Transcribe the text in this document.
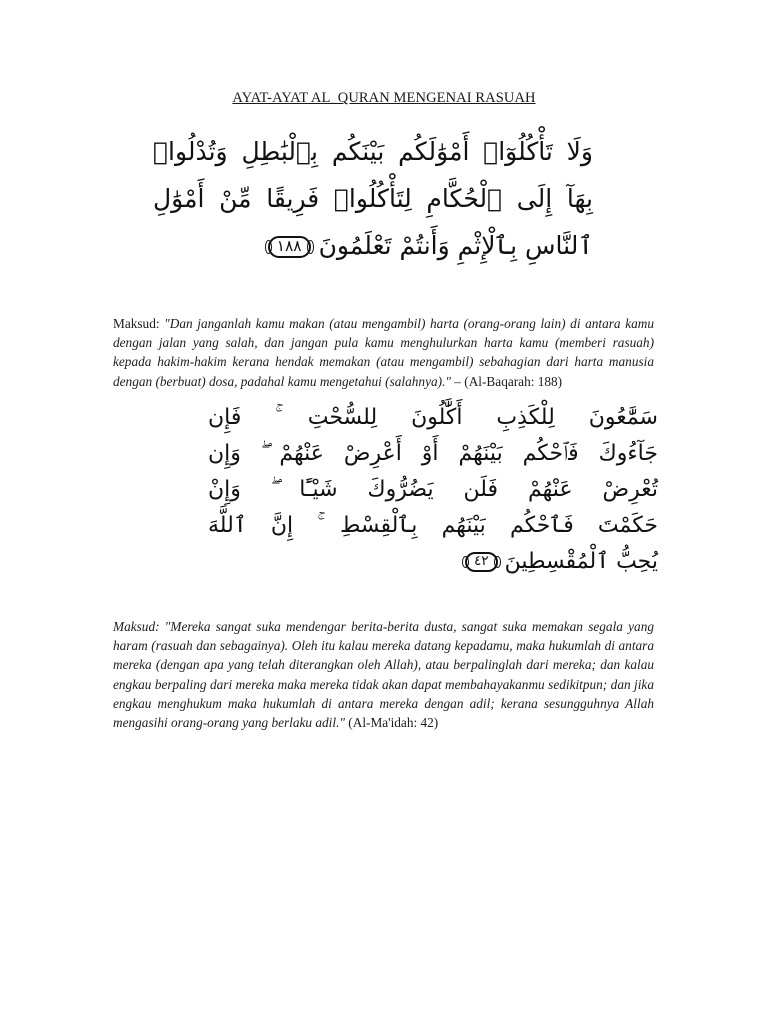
AYAT-AYAT AL_QURAN MENGENAI RASUAH
وَلَا تَأْكُلُوٓا۟ أَمْوَٰلَكُم بَيْنَكُم بِٱلْبَٰطِلِ وَتُدْلُوا۟
بِهَآ إِلَى ٱلْحُكَّامِ لِتَأْكُلُوا۟ فَرِيقًا مِّنْ أَمْوَٰلِ
ٱلنَّاسِ بِٱلْإِثْمِ وَأَنتُمْ تَعْلَمُونَ ١٨٨
Maksud: "Dan janganlah kamu makan (atau mengambil) harta (orang-orang lain) di antara kamu dengan jalan yang salah, dan jangan pula kamu menghulurkan harta kamu (memberi rasuah) kepada hakim-hakim kerana hendak memakan (atau mengambil) sebahagian dari harta manusia dengan (berbuat) dosa, padahal kamu mengetahui (salahnya)." – (Al-Baqarah: 188)
سَمَّٰعُونَ لِلْكَذِبِ أَكَّٰلُونَ لِلسُّحْتِ ۚ فَإِن
جَآءُوكَ فَٱحْكُم بَيْنَهُمْ أَوْ أَعْرِضْ عَنْهُمْ ۖ وَإِن
تُعْرِضْ عَنْهُمْ فَلَن يَضُرُّوكَ شَيْـًٔا ۖ وَإِنْ
حَكَمْتَ فَٱحْكُم بَيْنَهُم بِٱلْقِسْطِ ۚ إِنَّ ٱللَّهَ
يُحِبُّ ٱلْمُقْسِطِينَ ٤٢
Maksud: "Mereka sangat suka mendengar berita-berita dusta, sangat suka memakan segala yang haram (rasuah dan sebagainya). Oleh itu kalau mereka datang kepadamu, maka hukumlah di antara mereka (dengan apa yang telah diterangkan oleh Allah), atau berpalinglah dari mereka; dan kalau engkau berpaling dari mereka maka mereka tidak akan dapat membahayakanmu sedikitpun; dan jika engkau menghukum maka hukumlah di antara mereka dengan adil; kerana sesungguhnya Allah mengasihi orang-orang yang berlaku adil." (Al-Ma'idah: 42)
